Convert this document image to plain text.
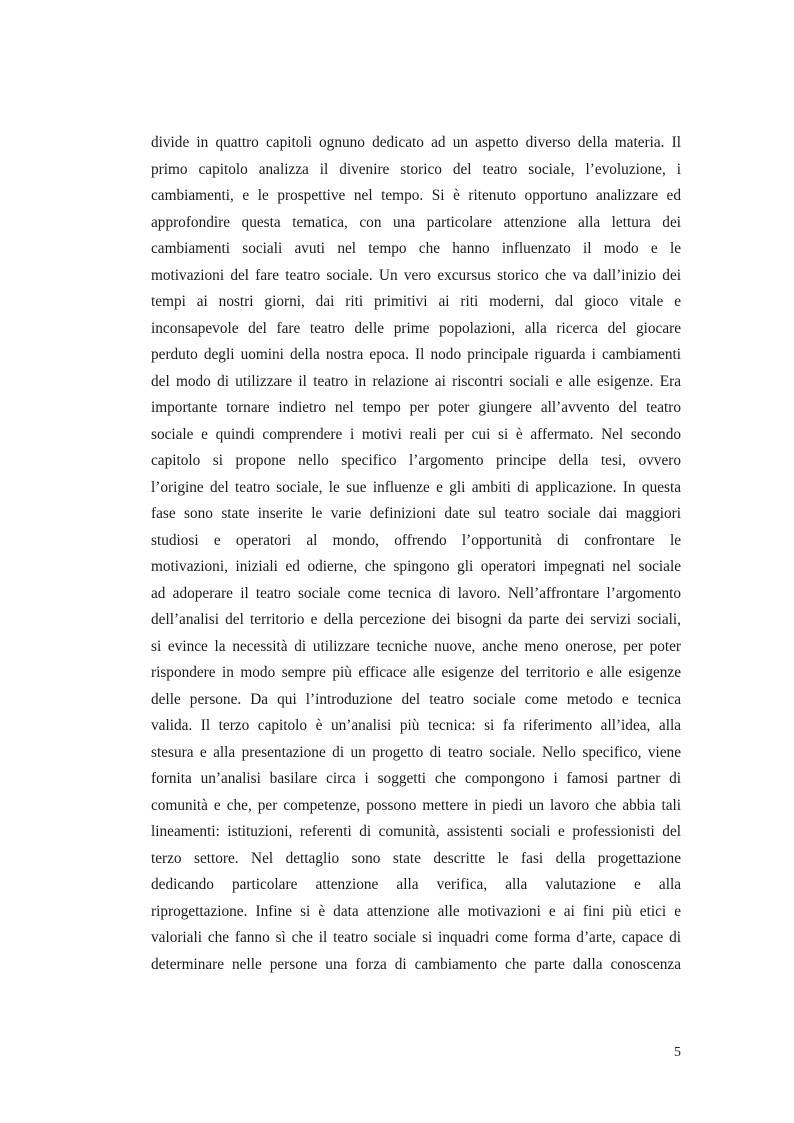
divide in quattro capitoli ognuno dedicato ad un aspetto diverso della materia. Il
primo capitolo analizza il divenire storico del teatro sociale, l’evoluzione, i
cambiamenti, e le prospettive nel tempo. Si è ritenuto opportuno analizzare ed
approfondire questa tematica, con una particolare attenzione alla lettura dei
cambiamenti sociali avuti nel tempo che hanno influenzato il modo e le
motivazioni del fare teatro sociale. Un vero excursus storico che va dall’inizio dei
tempi ai nostri giorni, dai riti primitivi ai riti moderni, dal gioco vitale e
inconsapevole del fare teatro delle prime popolazioni, alla ricerca del giocare
perduto degli uomini della nostra epoca. Il nodo principale riguarda i cambiamenti
del modo di utilizzare il teatro in relazione ai riscontri sociali e alle esigenze. Era
importante tornare indietro nel tempo per poter giungere all’avvento del teatro
sociale e quindi comprendere i motivi reali per cui si è affermato. Nel secondo
capitolo si propone nello specifico l’argomento principe della tesi, ovvero
l’origine del teatro sociale, le sue influenze e gli ambiti di applicazione. In questa
fase sono state inserite le varie definizioni date sul teatro sociale dai maggiori
studiosi e operatori al mondo, offrendo l’opportunità di confrontare le
motivazioni, iniziali ed odierne, che spingono gli operatori impegnati nel sociale
ad adoperare il teatro sociale come tecnica di lavoro. Nell’affrontare l’argomento
dell’analisi del territorio e della percezione dei bisogni da parte dei servizi sociali,
si evince la necessità di utilizzare tecniche nuove, anche meno onerose, per poter
rispondere in modo sempre più efficace alle esigenze del territorio e alle esigenze
delle persone. Da qui l’introduzione del teatro sociale come metodo e tecnica
valida. Il terzo capitolo è un’analisi più tecnica: si fa riferimento all’idea, alla
stesura e alla presentazione di un progetto di teatro sociale. Nello specifico, viene
fornita un’analisi basilare circa i soggetti che compongono i famosi partner di
comunità e che, per competenze, possono mettere in piedi un lavoro che abbia tali
lineamenti: istituzioni, referenti di comunità, assistenti sociali e professionisti del
terzo settore. Nel dettaglio sono state descritte le fasi della progettazione
dedicando particolare attenzione alla verifica, alla valutazione e alla
riprogettazione. Infine si è data attenzione alle motivazioni e ai fini più etici e
valoriali che fanno sì che il teatro sociale si inquadri come forma d’arte, capace di
determinare nelle persone una forza di cambiamento che parte dalla conoscenza

5
